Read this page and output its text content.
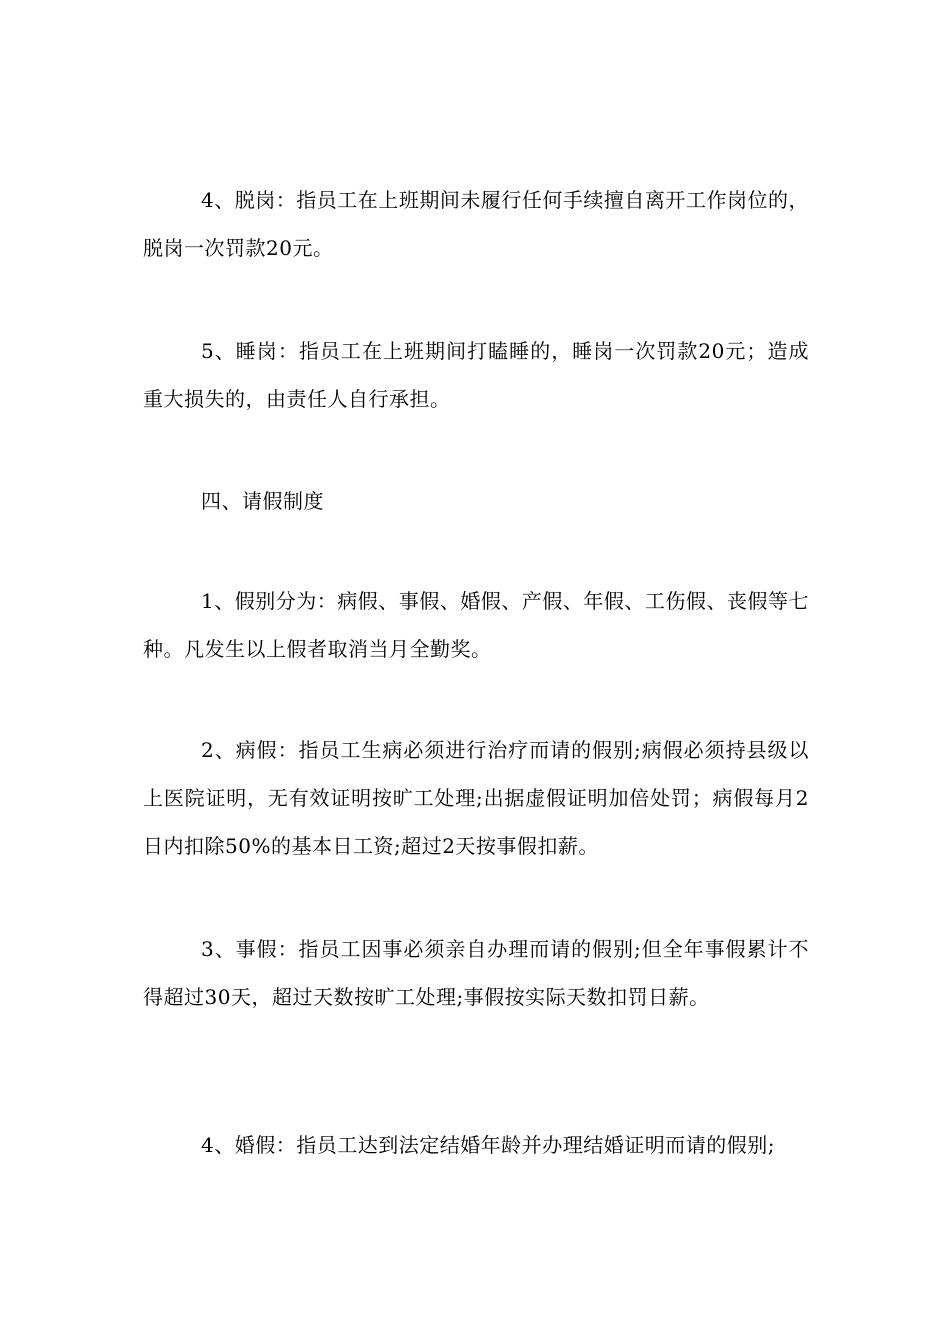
4、脱岗：指员工在上班期间未履行任何手续擅自离开工作岗位的，脱岗一次罚款20元。

5、睡岗：指员工在上班期间打瞌睡的，睡岗一次罚款20元；造成重大损失的，由责任人自行承担。

四、请假制度

1、假别分为：病假、事假、婚假、产假、年假、工伤假、丧假等七种。凡发生以上假者取消当月全勤奖。

2、病假：指员工生病必须进行治疗而请的假别;病假必须持县级以上医院证明，无有效证明按旷工处理;出据虚假证明加倍处罚；病假每月2日内扣除50%的基本日工资;超过2天按事假扣薪。

3、事假：指员工因事必须亲自办理而请的假别;但全年事假累计不得超过30天，超过天数按旷工处理;事假按实际天数扣罚日薪。

4、婚假：指员工达到法定结婚年龄并办理结婚证明而请的假别;
